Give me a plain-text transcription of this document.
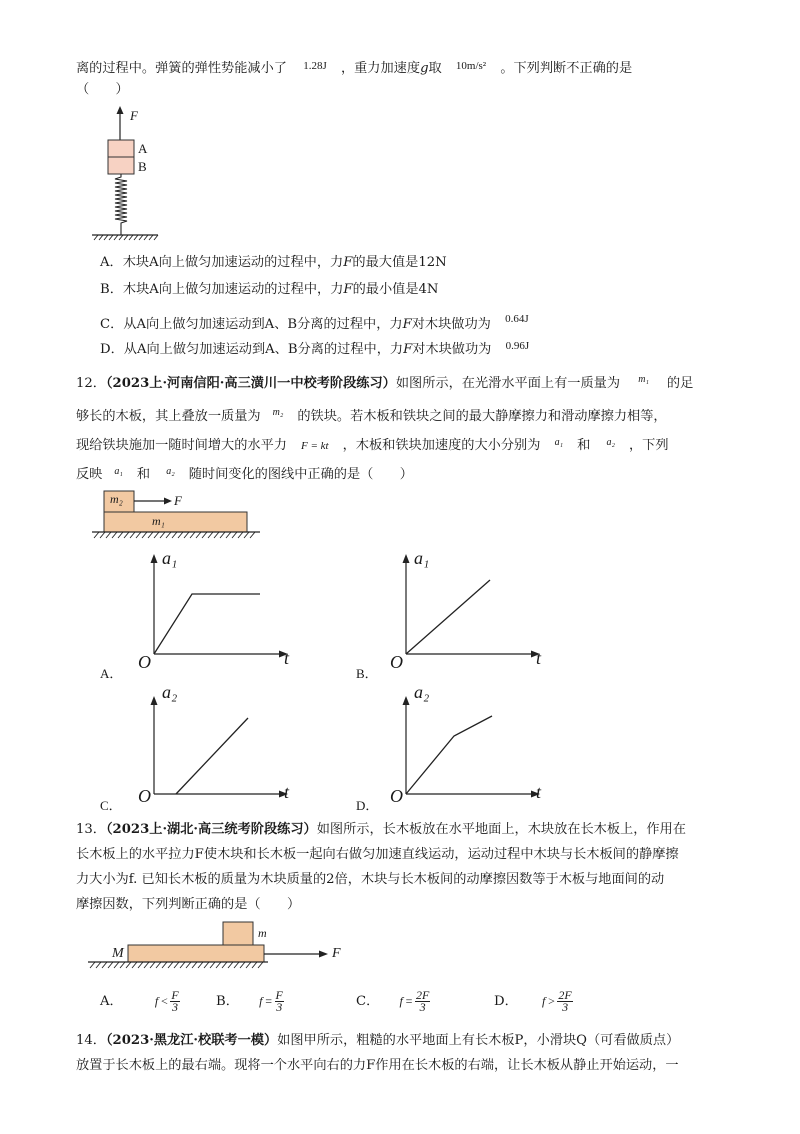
离的过程中。弹簧的弹性势能减小了 $^{1.28J}$ ，重力加速度g取 $^{10m/s^2}$ 。下列判断不正确的是
（　　）
F
A
B
A．木块A向上做匀加速运动的过程中，力F的最大值是12N
B．木块A向上做匀加速运动的过程中，力F的最小值是4N
C．从A向上做匀加速运动到A、B分离的过程中，力F对木块做功为 $^{0.64J}$
D．从A向上做匀加速运动到A、B分离的过程中，力F对木块做功为 $^{0.96J}$
12．（2023上·河南信阳·高三潢川一中校考阶段练习）如图所示，在光滑水平面上有一质量为 $^{m_1}$ 的足
够长的木板，其上叠放一质量为 $^{m_2}$ 的铁块。若木板和铁块之间的最大静摩擦力和滑动摩擦力相等，
现给铁块施加一随时间增大的水平力 F = kt ，木板和铁块加速度的大小分别为 $^{a_1}$ 和 $^{a_2}$ ，下列
反映 $^{a_1}$ 和 $^{a_2}$ 随时间变化的图线中正确的是（　　）
m₂	F
m₁
A．
a₁
O	t
B．
a₁
O	t
C．
a₂
O	t
D．
a₂
O	t
13．（2023上·湖北·高三统考阶段练习）如图所示，长木板放在水平地面上，木块放在长木板上，作用在
长木板上的水平拉力F使木块和长木板一起向右做匀加速直线运动，运动过程中木块与长木板间的静摩擦
力大小为f. 已知长木板的质量为木块质量的2倍，木块与长木板间的动摩擦因数等于木板与地面间的动
摩擦因数，下列判断正确的是（　　）
M
m
F
A．	$f < \frac{F}{3}$	B． $f = \frac{F}{3}$	C． $f = \frac{2F}{3}$	D． $f > \frac{2F}{3}$
14．（2023·黑龙江·校联考一模）如图甲所示，粗糙的水平地面上有长木板P，小滑块Q（可看做质点）
放置于长木板上的最右端。现将一个水平向右的力F作用在长木板的右端，让长木板从静止开始运动，一
